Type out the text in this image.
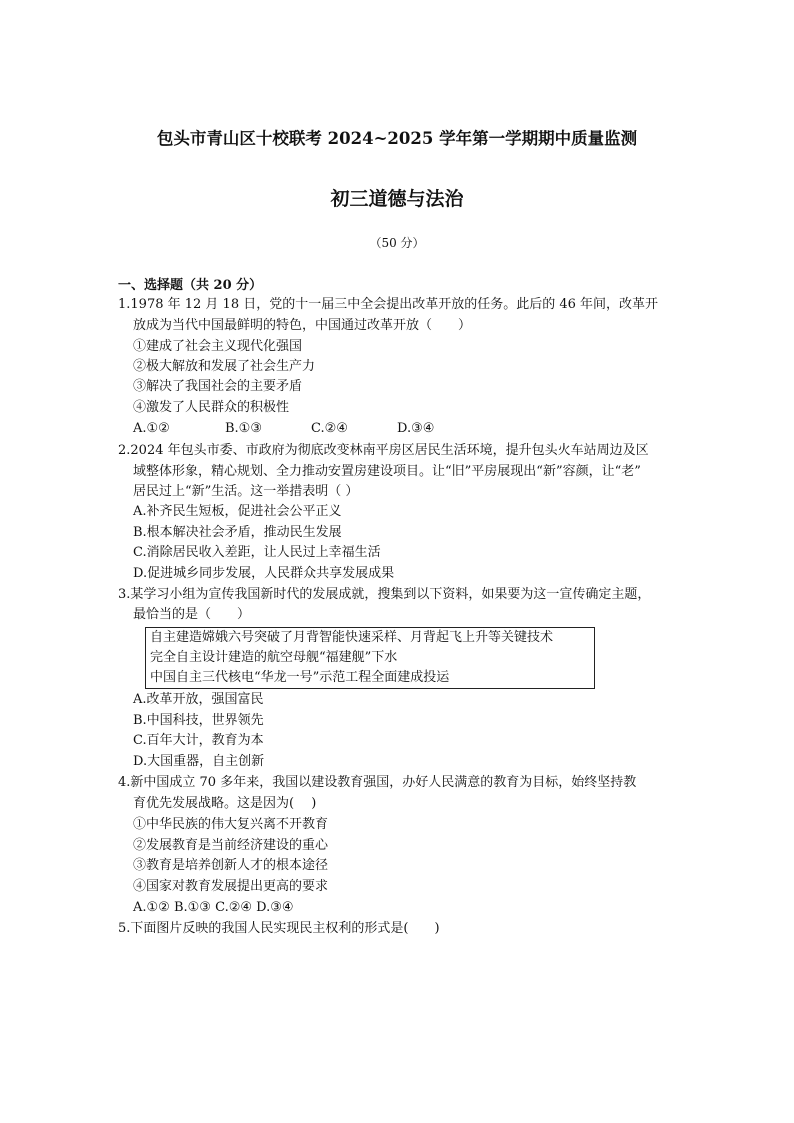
包头市青山区十校联考 2024~2025 学年第一学期期中质量监测
初三道德与法治
（50 分）
一、选择题（共 20 分）
1.1978 年 12 月 18 日，党的十一届三中全会提出改革开放的任务。此后的 46 年间，改革开
放成为当代中国最鲜明的特色，中国通过改革开放（　　）
①建成了社会主义现代化强国
②极大解放和发展了社会生产力
③解决了我国社会的主要矛盾
④激发了人民群众的积极性
A.①②	B.①③	C.②④	D.③④
2.2024 年包头市委、市政府为彻底改变林南平房区居民生活环境，提升包头火车站周边及区
域整体形象，精心规划、全力推动安置房建设项目。让“旧”平房展现出“新”容颜，让“老”
居民过上“新”生活。这一举措表明（ ）
A.补齐民生短板，促进社会公平正义
B.根本解决社会矛盾，推动民生发展
C.消除居民收入差距，让人民过上幸福生活
D.促进城乡同步发展，人民群众共享发展成果
3.某学习小组为宣传我国新时代的发展成就，搜集到以下资料，如果要为这一宣传确定主题，
最恰当的是（　　）
自主建造嫦娥六号突破了月背智能快速采样、月背起飞上升等关键技术
完全自主设计建造的航空母舰“福建舰”下水
中国自主三代核电“华龙一号”示范工程全面建成投运
A.改革开放，强国富民
B.中国科技，世界领先
C.百年大计，教育为本
D.大国重器，自主创新
4.新中国成立 70 多年来，我国以建设教育强国，办好人民满意的教育为目标，始终坚持教
育优先发展战略。这是因为(　 )
①中华民族的伟大复兴离不开教育
②发展教育是当前经济建设的重心
③教育是培养创新人才的根本途径
④国家对教育发展提出更高的要求
A.①② B.①③ C.②④ D.③④
5.下面图片反映的我国人民实现民主权利的形式是(　　)
